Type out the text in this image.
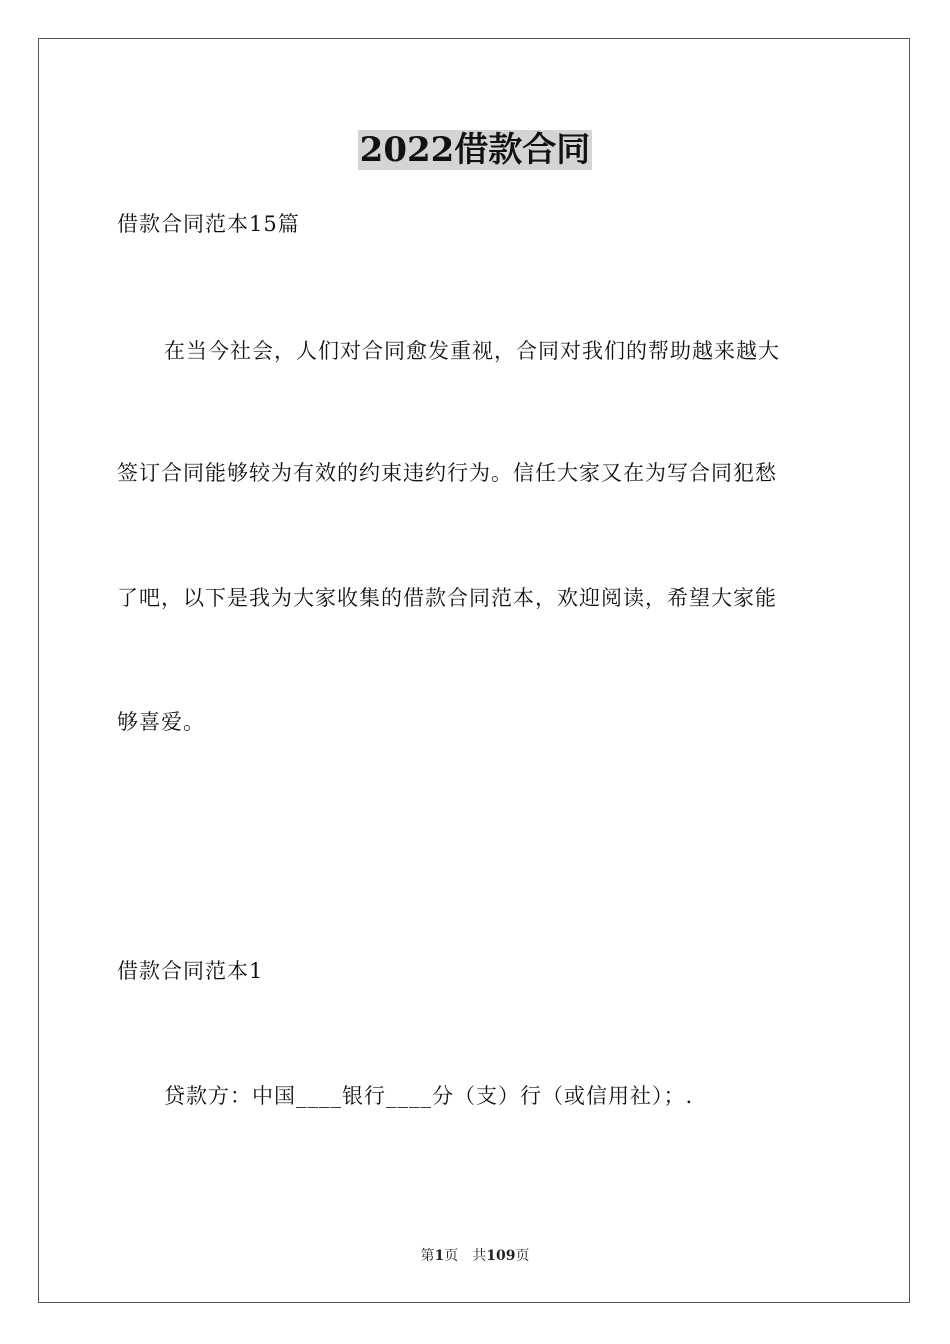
2022借款合同
借款合同范本15篇
在当今社会，人们对合同愈发重视，合同对我们的帮助越来越大
签订合同能够较为有效的约束违约行为。信任大家又在为写合同犯愁
了吧，以下是我为大家收集的借款合同范本，欢迎阅读，希望大家能
够喜爱。
借款合同范本1
贷款方：中国____银行____分（支）行（或信用社）；.
第1页 共109页
